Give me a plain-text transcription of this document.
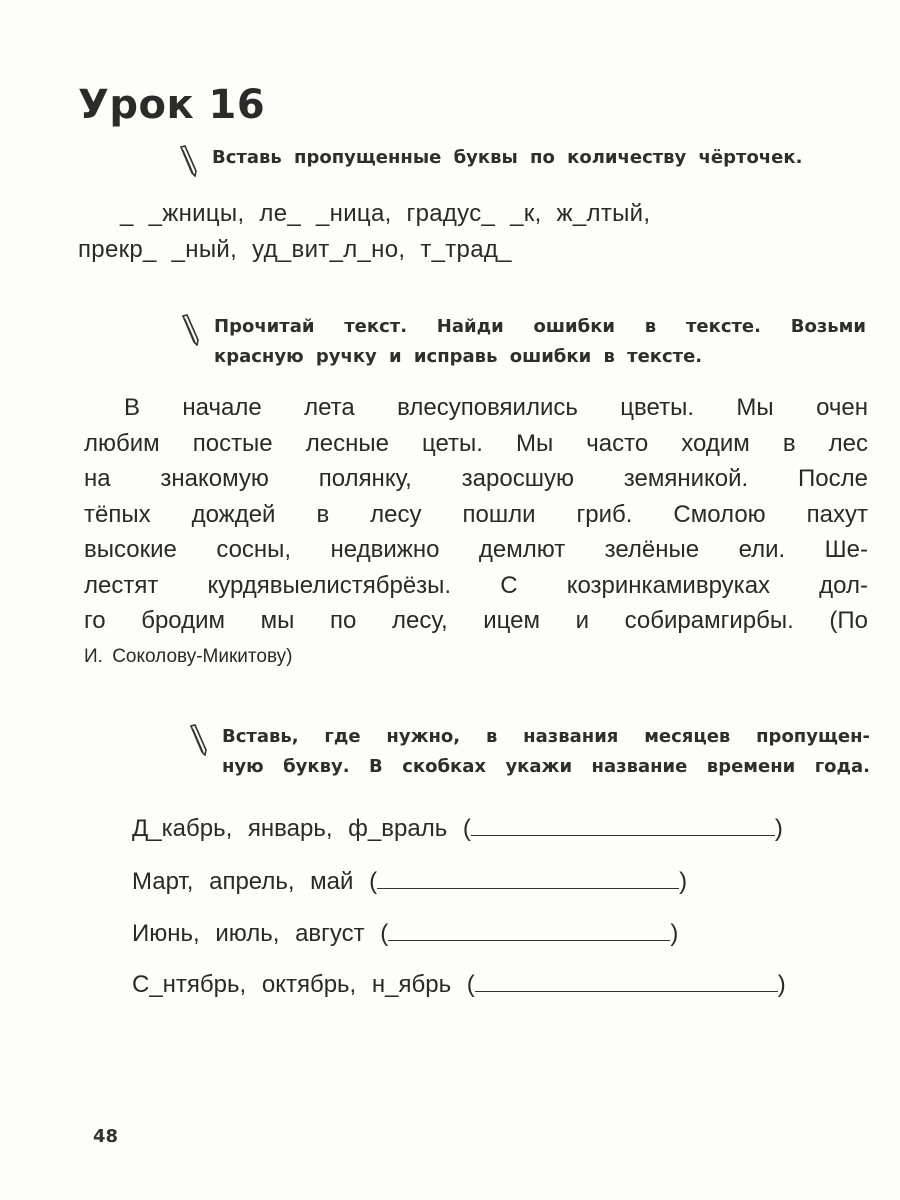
Урок 16
Вставь пропущенные буквы по количеству чёрточек.
_ _жницы, ле_ _ница, градус_ _к, ж_лтый,
прекр_ _ный, уд_вит_л_но, т_трад_
Прочитай текст. Найди ошибки в тексте. Возьми
красную ручку и исправь ошибки в тексте.
В начале лета влесуповяились цветы. Мы очен
любим постые лесные цеты. Мы часто ходим в лес
на знакомую полянку, заросшую земяникой. После
тёпых дождей в лесу пошли гриб. Смолою пахут
высокие сосны, недвижно демлют зелёные ели. Ше-
лестят курдявыелистябрёзы. С козринкамивруках дол-
го бродим мы по лесу, ицем и собирамгирбы. (По
И. Соколову-Микитову)
Вставь, где нужно, в названия месяцев пропущен-
ную букву. В скобках укажи название времени года.
Д_кабрь, январь, ф_враль (	)
Март, апрель, май (	)
Июнь, июль, август (	)
С_нтябрь, октябрь, н_ябрь (	)
48
